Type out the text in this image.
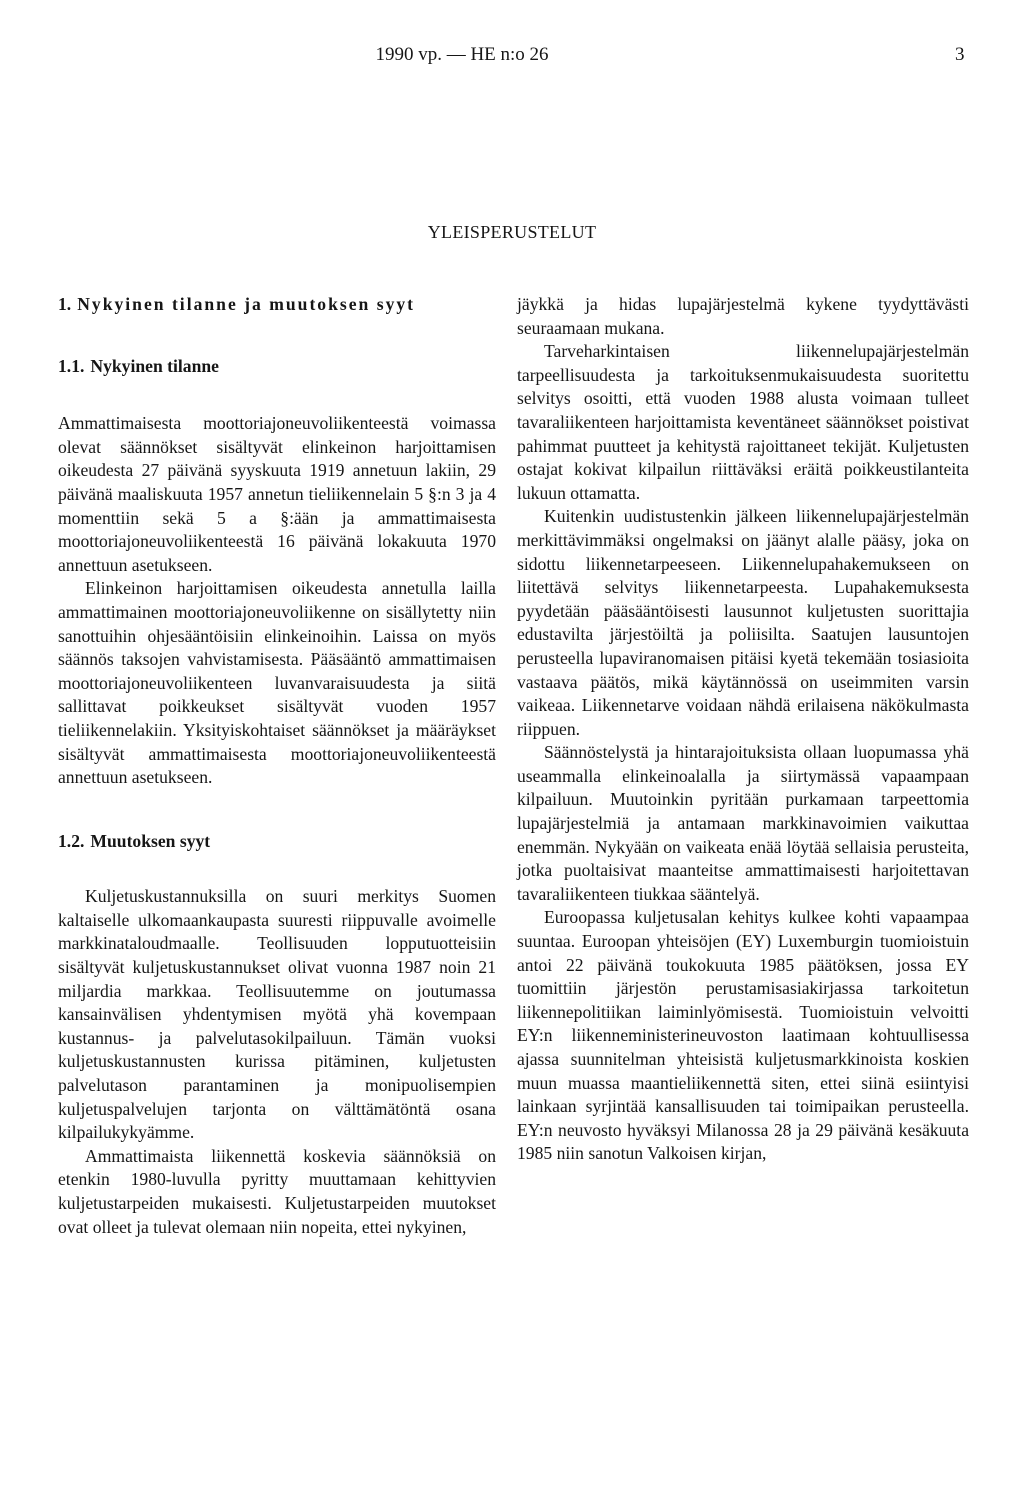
1990 vp. — HE n:o 26	3
YLEISPERUSTELUT
1. Nykyinen tilanne ja muutoksen syyt
1.1. Nykyinen tilanne

Ammattimaisesta moottoriajoneuvoliikenteestä voimassa olevat säännökset sisältyvät elinkeinon harjoittamisen oikeudesta 27 päivänä syyskuuta 1919 annetuun lakiin, 29 päivänä maaliskuuta 1957 annetun tieliikennelain 5 §:n 3 ja 4 momenttiin sekä 5 a §:ään ja ammattimaisesta moottoriajoneuvoliikenteestä 16 päivänä lokakuuta 1970 annettuun asetukseen.

Elinkeinon harjoittamisen oikeudesta annetulla lailla ammattimainen moottoriajoneuvoliikenne on sisällytetty niin sanottuihin ohjesääntöisiin elinkeinoihin. Laissa on myös säännös taksojen vahvistamisesta. Pääsääntö ammattimaisen moottoriajoneuvoliikenteen luvanvaraisuudesta ja siitä sallittavat poikkeukset sisältyvät vuoden 1957 tieliikennelakiin. Yksityiskohtaiset säännökset ja määräykset sisältyvät ammattimaisesta moottoriajoneuvoliikenteestä annettuun asetukseen.

1.2. Muutoksen syyt

Kuljetuskustannuksilla on suuri merkitys Suomen kaltaiselle ulkomaankaupasta suuresti riippuvalle avoimelle markkinataloudmaalle. Teollisuuden lopputuotteisiin sisältyvät kuljetuskustannukset olivat vuonna 1987 noin 21 miljardia markkaa. Teollisuutemme on joutumassa kansainvälisen yhdentymisen myötä yhä kovempaan kustannus- ja palvelutasokilpailuun. Tämän vuoksi kuljetuskustannusten kurissa pitäminen, kuljetusten palvelutason parantaminen ja monipuolisempien kuljetuspalvelujen tarjonta on välttämätöntä osana kilpailukykyämme.

Ammattimaista liikennettä koskevia säännöksiä on etenkin 1980-luvulla pyritty muuttamaan kehittyvien kuljetustarpeiden mukaisesti. Kuljetustarpeiden muutokset ovat olleet ja tulevat olemaan niin nopeita, ettei nykyinen,

jäykkä ja hidas lupajärjestelmä kykene tyydyttävästi seuraamaan mukana.

Tarveharkintaisen liikennelupajärjestelmän tarpeellisuudesta ja tarkoituksenmukaisuudesta suoritettu selvitys osoitti, että vuoden 1988 alusta voimaan tulleet tavaraliikenteen harjoittamista keventäneet säännökset poistivat pahimmat puutteet ja kehitystä rajoittaneet tekijät. Kuljetusten ostajat kokivat kilpailun riittäväksi eräitä poikkeustilanteita lukuun ottamatta.

Kuitenkin uudistustenkin jälkeen liikennelupajärjestelmän merkittävimmäksi ongelmaksi on jäänyt alalle pääsy, joka on sidottu liikennetarpeeseen. Liikennelupahakemukseen on liitettävä selvitys liikennetarpeesta. Lupahakemuksesta pyydetään pääsääntöisesti lausunnot kuljetusten suorittajia edustavilta järjestöiltä ja poliisilta. Saatujen lausuntojen perusteella lupaviranomaisen pitäisi kyetä tekemään tosiasioita vastaava päätös, mikä käytännössä on useimmiten varsin vaikeaa. Liikennetarve voidaan nähdä erilaisena näkökulmasta riippuen.

Säännöstelystä ja hintarajoituksista ollaan luopumassa yhä useammalla elinkeinoalalla ja siirtymässä vapaampaan kilpailuun. Muutoinkin pyritään purkamaan tarpeettomia lupajärjestelmiä ja antamaan markkinavoimien vaikuttaa enemmän. Nykyään on vaikeata enää löytää sellaisia perusteita, jotka puoltaisivat maanteitse ammattimaisesti harjoitettavan tavaraliikenteen tiukkaa sääntelyä.

Euroopassa kuljetusalan kehitys kulkee kohti vapaampaa suuntaa. Euroopan yhteisöjen (EY) Luxemburgin tuomioistuin antoi 22 päivänä toukokuuta 1985 päätöksen, jossa EY tuomittiin järjestön perustamisasiakirjassa tarkoitetun liikennepolitiikan laiminlyömisestä. Tuomioistuin velvoitti EY:n liikenneministerineuvoston laatimaan kohtuullisessa ajassa suunnitelman yhteisistä kuljetusmarkkinoista koskien muun muassa maantieliikennettä siten, ettei siinä esiintyisi lainkaan syrjintää kansallisuuden tai toimipaikan perusteella. EY:n neuvosto hyväksyi Milanossa 28 ja 29 päivänä kesäkuuta 1985 niin sanotun Valkoisen kirjan,
